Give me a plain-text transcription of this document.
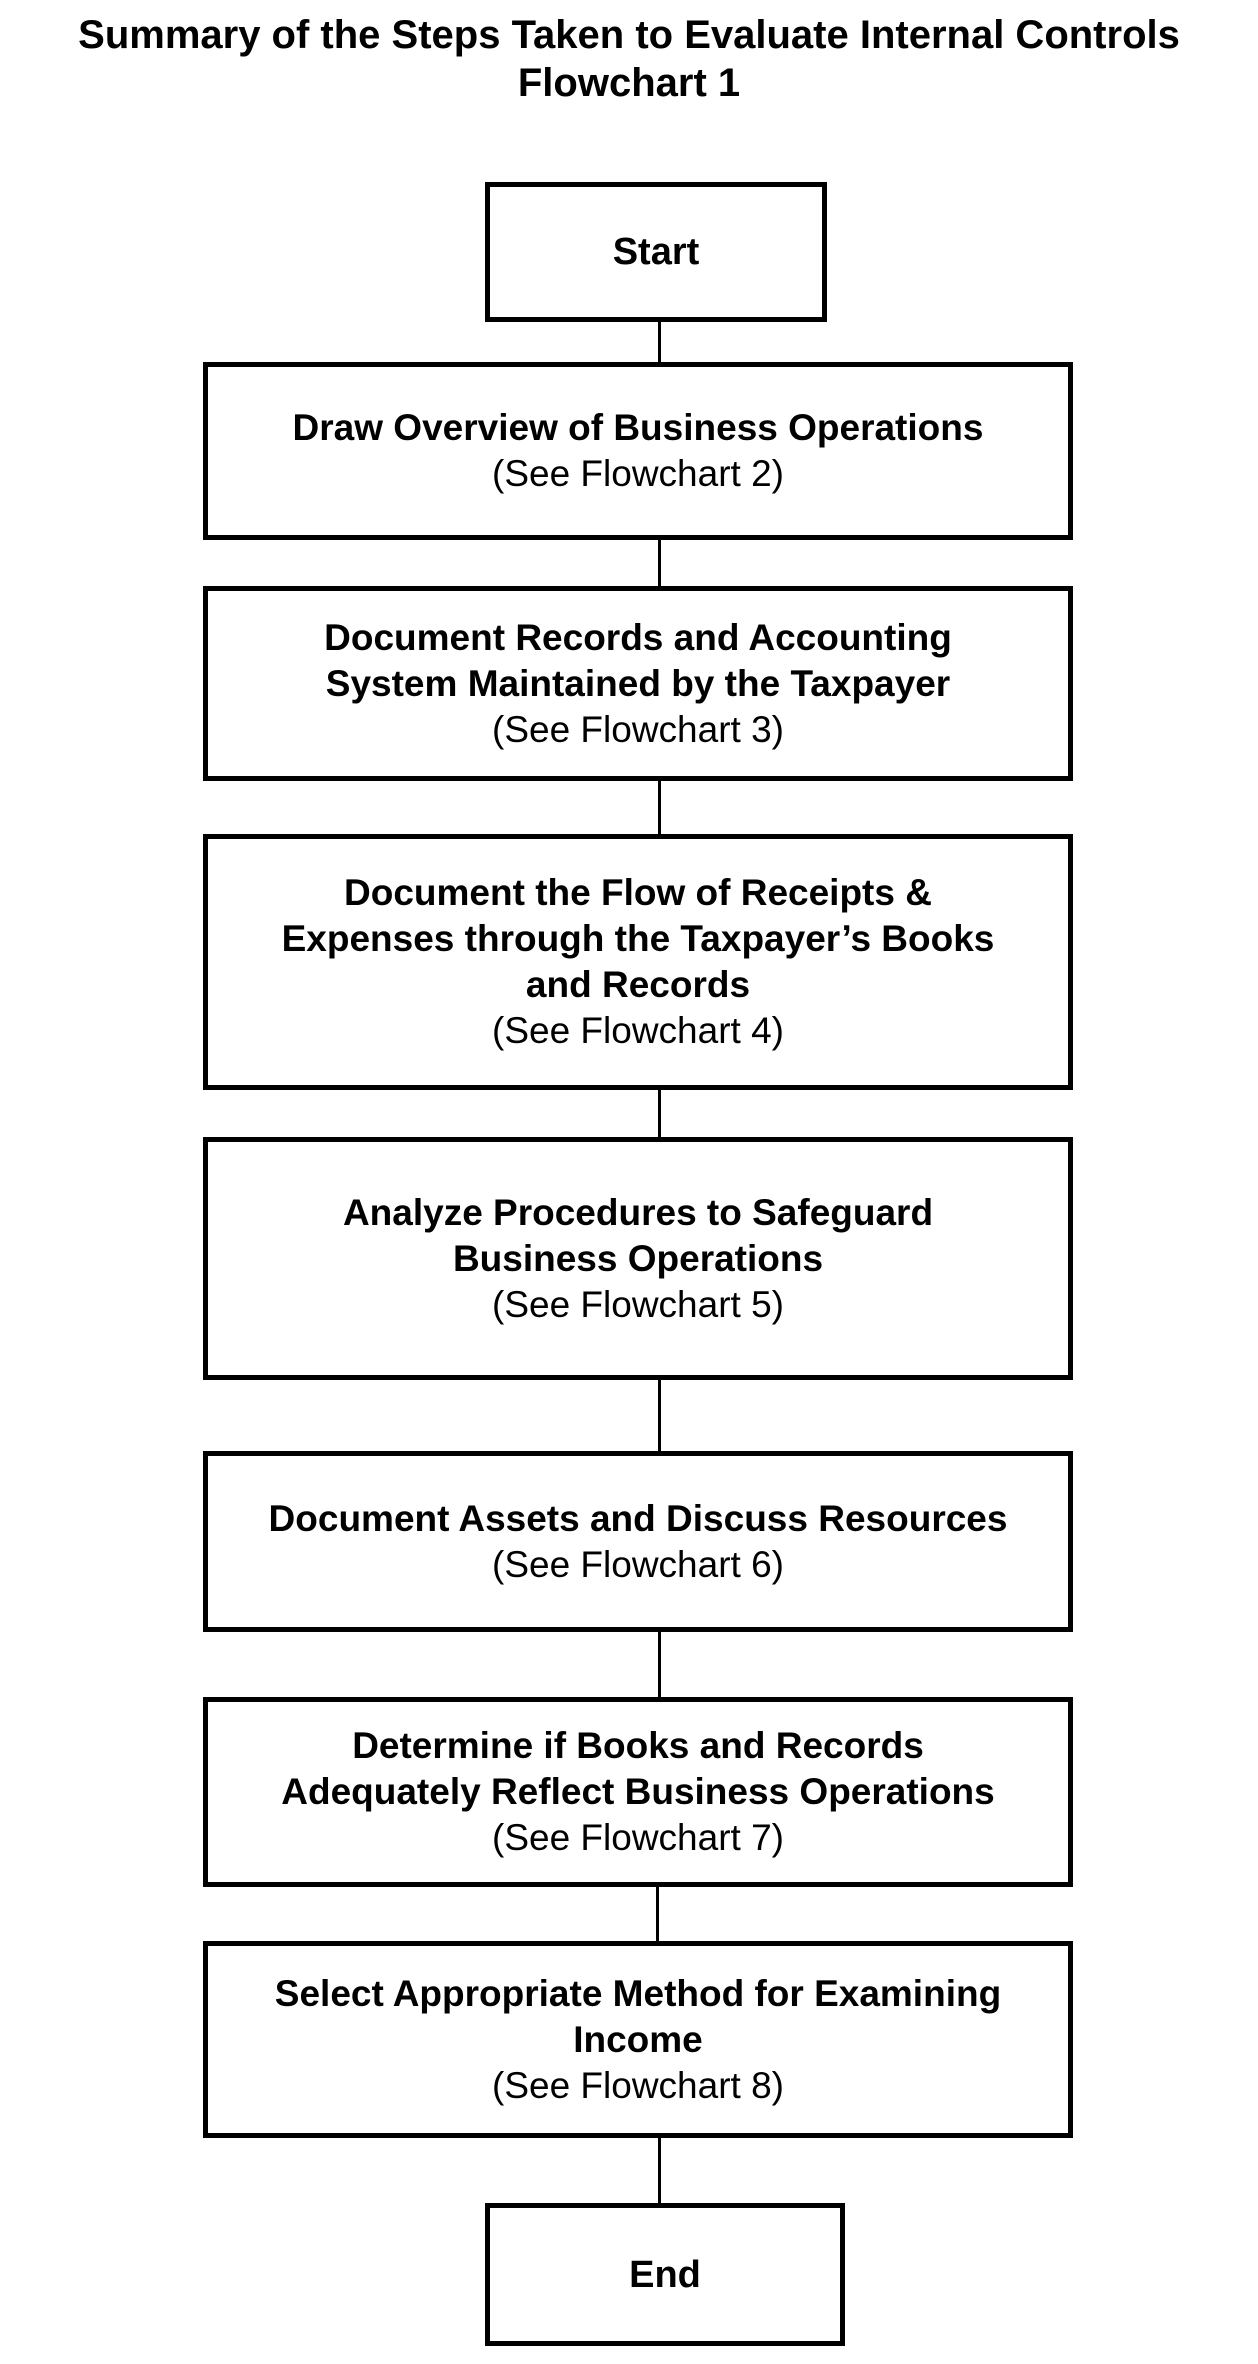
Summary of the Steps Taken to Evaluate Internal Controls
Flowchart 1
Start
Draw Overview of Business Operations
(See Flowchart 2)
Document Records and Accounting
System Maintained by the Taxpayer
(See Flowchart 3)
Document the Flow of Receipts &
Expenses through the Taxpayer’s Books
and Records
(See Flowchart 4)
Analyze Procedures to Safeguard
Business Operations
(See Flowchart 5)
Document Assets and Discuss Resources
(See Flowchart 6)
Determine if Books and Records
Adequately Reflect Business Operations
(See Flowchart 7)
Select Appropriate Method for Examining
Income
(See Flowchart 8)
End
